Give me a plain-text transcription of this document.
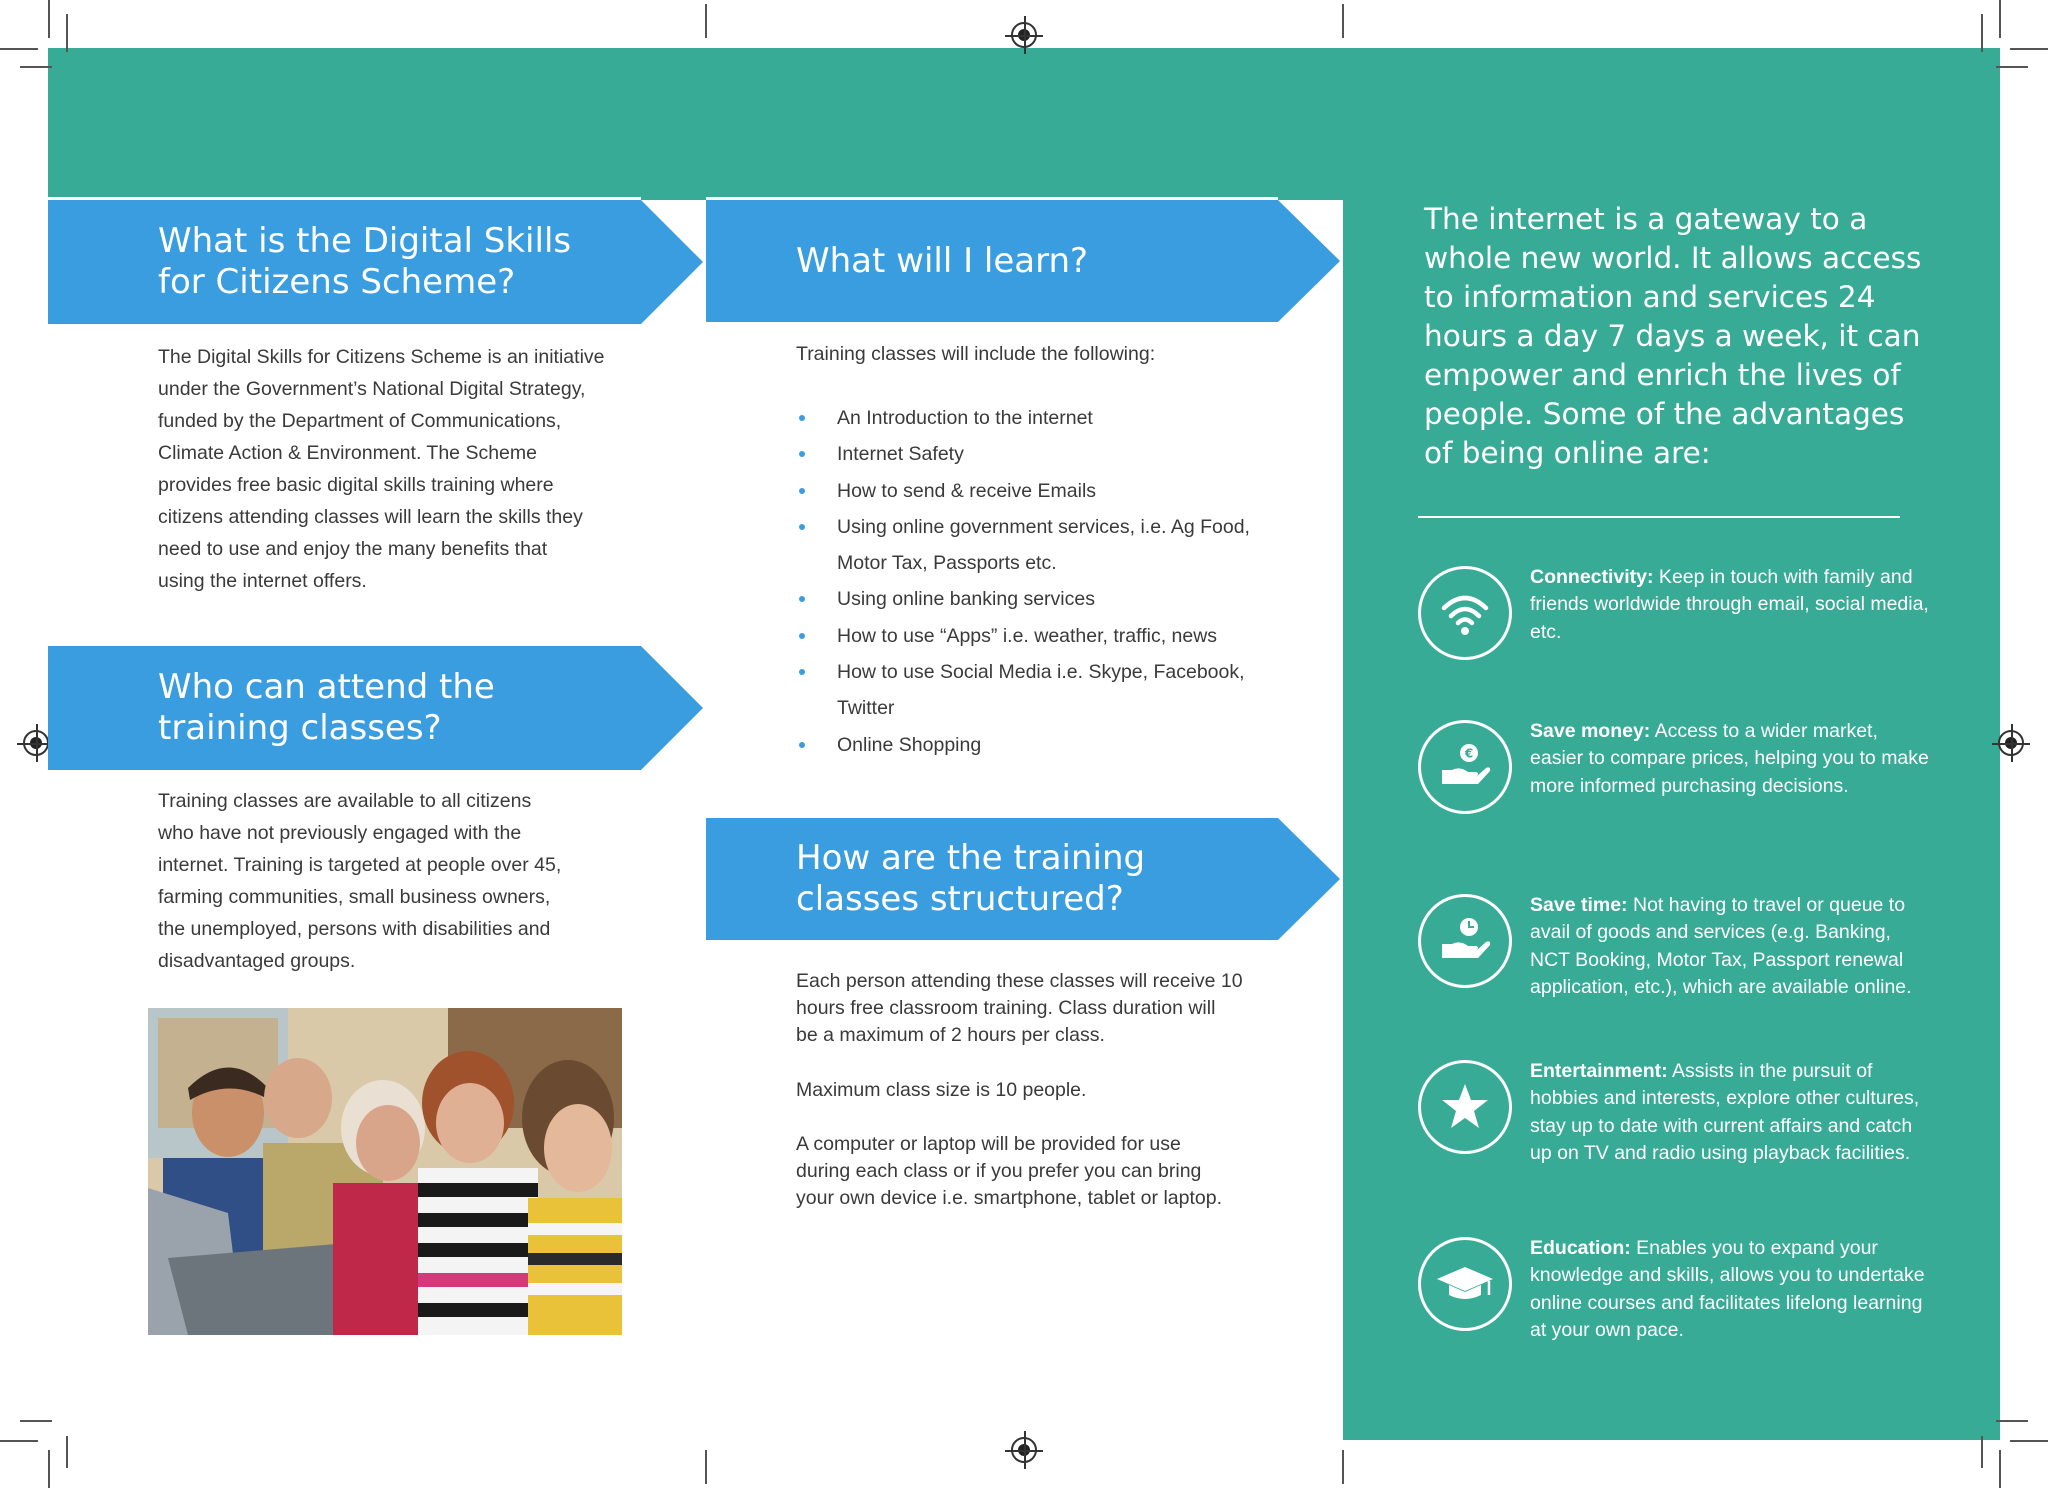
What is the Digital Skills
for Citizens Scheme?
The Digital Skills for Citizens Scheme is an initiative
under the Government’s National Digital Strategy,
funded by the Department of Communications,
Climate Action & Environment. The Scheme
provides free basic digital skills training where
citizens attending classes will learn the skills they
need to use and enjoy the many benefits that
using the internet offers.
Who can attend the
training classes?
Training classes are available to all citizens
who have not previously engaged with the
internet. Training is targeted at people over 45,
farming communities, small business owners,
the unemployed, persons with disabilities and
disadvantaged groups.
What will I learn?
Training classes will include the following:
An Introduction to the internet
Internet Safety
How to send & receive Emails
Using online government services, i.e. Ag Food,
Motor Tax, Passports etc.
Using online banking services
How to use “Apps” i.e. weather, traffic, news
How to use Social Media i.e. Skype, Facebook,
Twitter
Online Shopping
How are the training
classes structured?
Each person attending these classes will receive 10
hours free classroom training. Class duration will
be a maximum of 2 hours per class.
Maximum class size is 10 people.
A computer or laptop will be provided for use
during each class or if you prefer you can bring
your own device i.e. smartphone, tablet or laptop.
The internet is a gateway to a
whole new world. It allows access
to information and services 24
hours a day 7 days a week, it can
empower and enrich the lives of
people. Some of the advantages
of being online are:
Connectivity: Keep in touch with family and friends worldwide through email, social media, etc.
€
Save money: Access to a wider market, easier to compare prices, helping you to make more informed purchasing decisions.
Save time: Not having to travel or queue to avail of goods and services (e.g. Banking, NCT Booking, Motor Tax, Passport renewal application, etc.), which are available online.
Entertainment: Assists in the pursuit of hobbies and interests, explore other cultures, stay up to date with current affairs and catch up on TV and radio using playback facilities.
Education: Enables you to expand your knowledge and skills, allows you to undertake online courses and facilitates lifelong learning at your own pace.
